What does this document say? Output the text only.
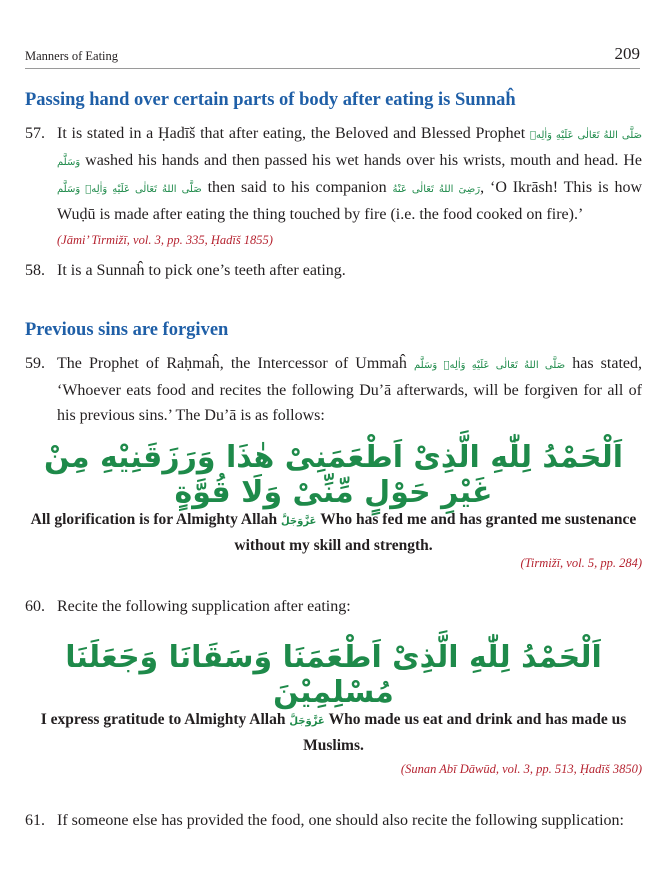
Manners of Eating	209
Passing hand over certain parts of body after eating is Sunnaĥ
57. It is stated in a Ḥadīš that after eating, the Beloved and Blessed Prophet صَلَّى اللهُ تَعَالٰى عَلَيْهِ وَاٰلِهٖ وَسَلَّم washed his hands and then passed his wet hands over his wrists, mouth and head. He صَلَّى اللهُ تَعَالٰى عَلَيْهِ وَاٰلِهٖ وَسَلَّم then said to his companion رَضِىَ اللهُ تَعَالٰى عَنْهُ, ‘O Ikrāsh! This is how Wuḍū is made after eating the thing touched by fire (i.e. the food cooked on fire).’
(Jāmi’ Tirmižī, vol. 3, pp. 335, Ḥadīš 1855)
58. It is a Sunnaĥ to pick one’s teeth after eating.
Previous sins are forgiven
59. The Prophet of Raḥmaĥ, the Intercessor of Ummaĥ صَلَّى اللهُ تَعَالٰى عَلَيْهِ وَاٰلِهٖ وَسَلَّم has stated, ‘Whoever eats food and recites the following Du’ā afterwards, will be forgiven for all of his previous sins.’ The Du’ā is as follows:
اَلْحَمْدُ لِلّٰهِ الَّذِىْ اَطْعَمَنِىْ هٰذَا وَرَزَقَنِيْهِ مِنْ غَيْرِ حَوْلٍ مِّنِّىْ وَلَا قُوَّةٍ
All glorification is for Almighty Allah عَزَّوَجَلَّ Who has fed me and has granted me sustenance without my skill and strength.
(Tirmižī, vol. 5, pp. 284)
60. Recite the following supplication after eating:
اَلْحَمْدُ لِلّٰهِ الَّذِىْ اَطْعَمَنَا وَسَقَانَا وَجَعَلَنَا مُسْلِمِيْنَ
I express gratitude to Almighty Allah عَزَّوَجَلَّ Who made us eat and drink and has made us Muslims.
(Sunan Abī Dāwūd, vol. 3, pp. 513, Ḥadīš 3850)
61. If someone else has provided the food, one should also recite the following supplication:
